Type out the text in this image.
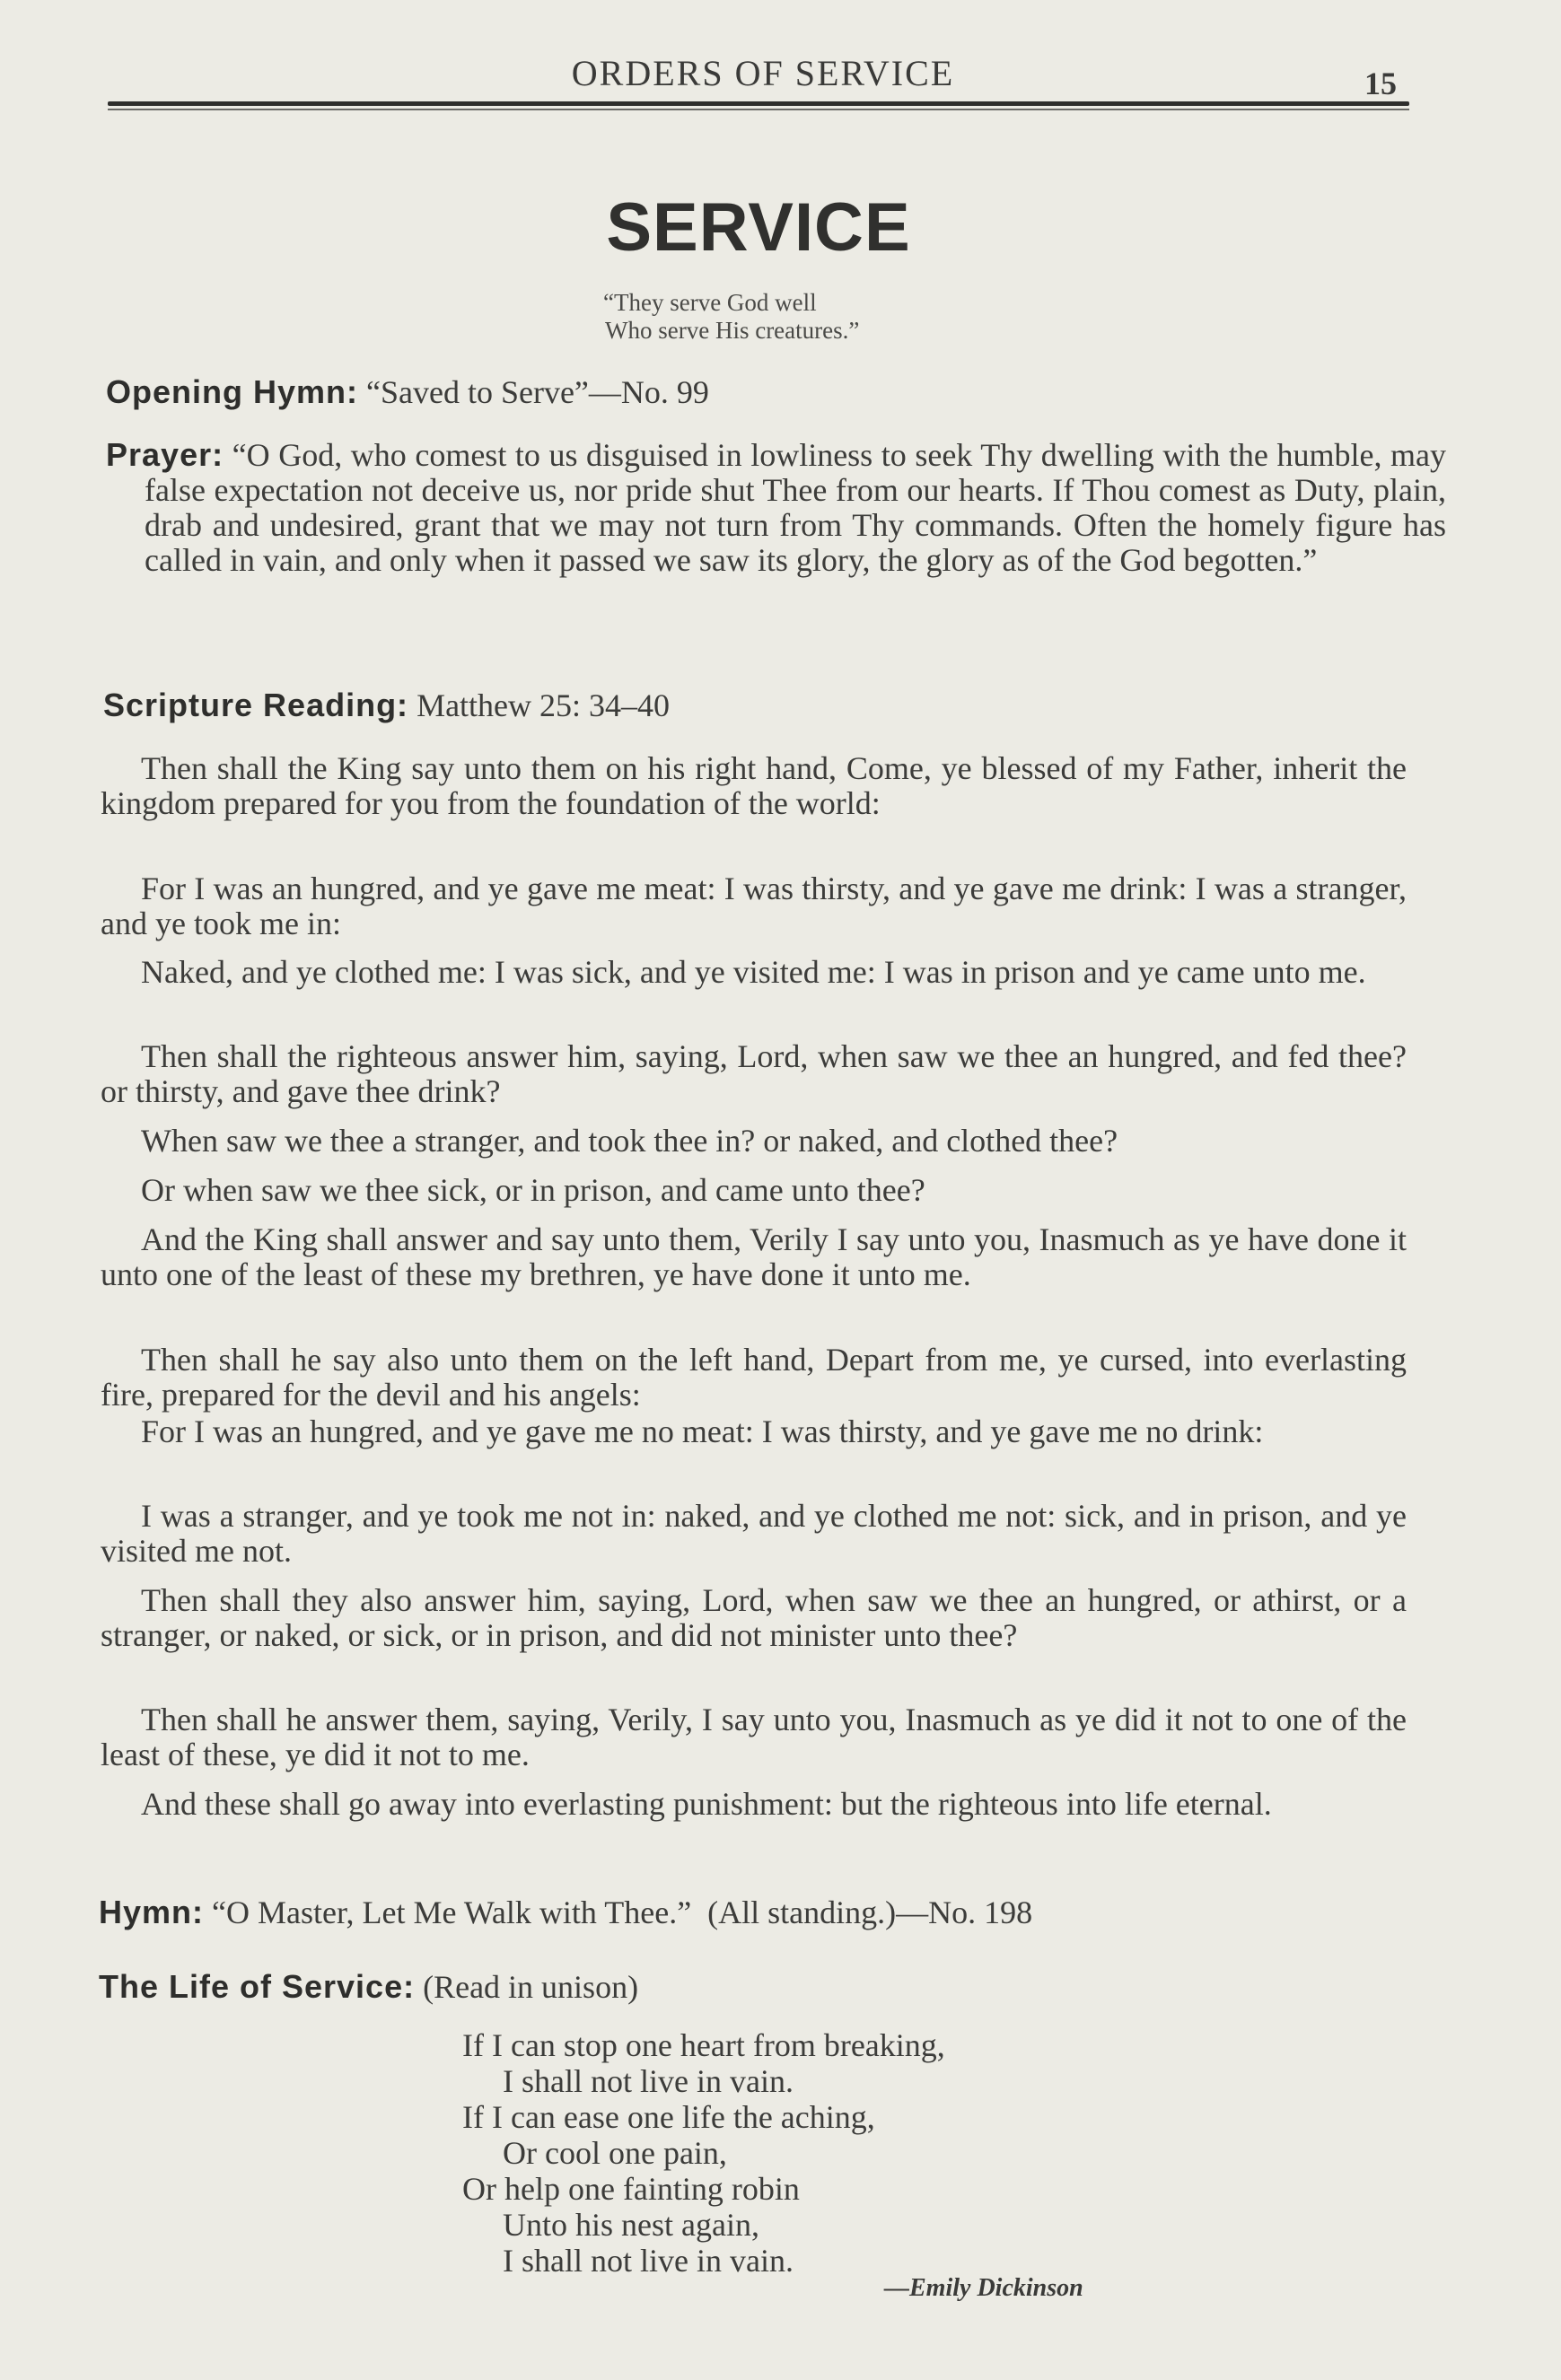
ORDERS OF SERVICE	15
SERVICE
“They serve God well
Who serve His creatures.”
Opening Hymn: “Saved to Serve”—No. 99
Prayer: “O God, who comest to us disguised in lowliness to seek Thy dwelling with the humble, may false expectation not deceive us, nor pride shut Thee from our hearts. If Thou comest as Duty, plain, drab and undesired, grant that we may not turn from Thy commands. Often the homely figure has called in vain, and only when it passed we saw its glory, the glory as of the God begotten.”
Scripture Reading: Matthew 25: 34–40
Then shall the King say unto them on his right hand, Come, ye blessed of my Father, inherit the kingdom prepared for you from the foundation of the world:
For I was an hungred, and ye gave me meat: I was thirsty, and ye gave me drink: I was a stranger, and ye took me in:
Naked, and ye clothed me: I was sick, and ye visited me: I was in prison and ye came unto me.
Then shall the righteous answer him, saying, Lord, when saw we thee an hungred, and fed thee? or thirsty, and gave thee drink?
When saw we thee a stranger, and took thee in? or naked, and clothed thee?
Or when saw we thee sick, or in prison, and came unto thee?
And the King shall answer and say unto them, Verily I say unto you, Inasmuch as ye have done it unto one of the least of these my brethren, ye have done it unto me.
Then shall he say also unto them on the left hand, Depart from me, ye cursed, into everlasting fire, prepared for the devil and his angels:
For I was an hungred, and ye gave me no meat: I was thirsty, and ye gave me no drink:
I was a stranger, and ye took me not in: naked, and ye clothed me not: sick, and in prison, and ye visited me not.
Then shall they also answer him, saying, Lord, when saw we thee an hungred, or athirst, or a stranger, or naked, or sick, or in prison, and did not minister unto thee?
Then shall he answer them, saying, Verily, I say unto you, Inasmuch as ye did it not to one of the least of these, ye did it not to me.
And these shall go away into everlasting punishment: but the righteous into life eternal.
Hymn: “O Master, Let Me Walk with Thee.”  (All standing.)—No. 198
The Life of Service: (Read in unison)
If I can stop one heart from breaking,
I shall not live in vain.
If I can ease one life the aching,
Or cool one pain,
Or help one fainting robin
Unto his nest again,
I shall not live in vain.
—Emily Dickinson
